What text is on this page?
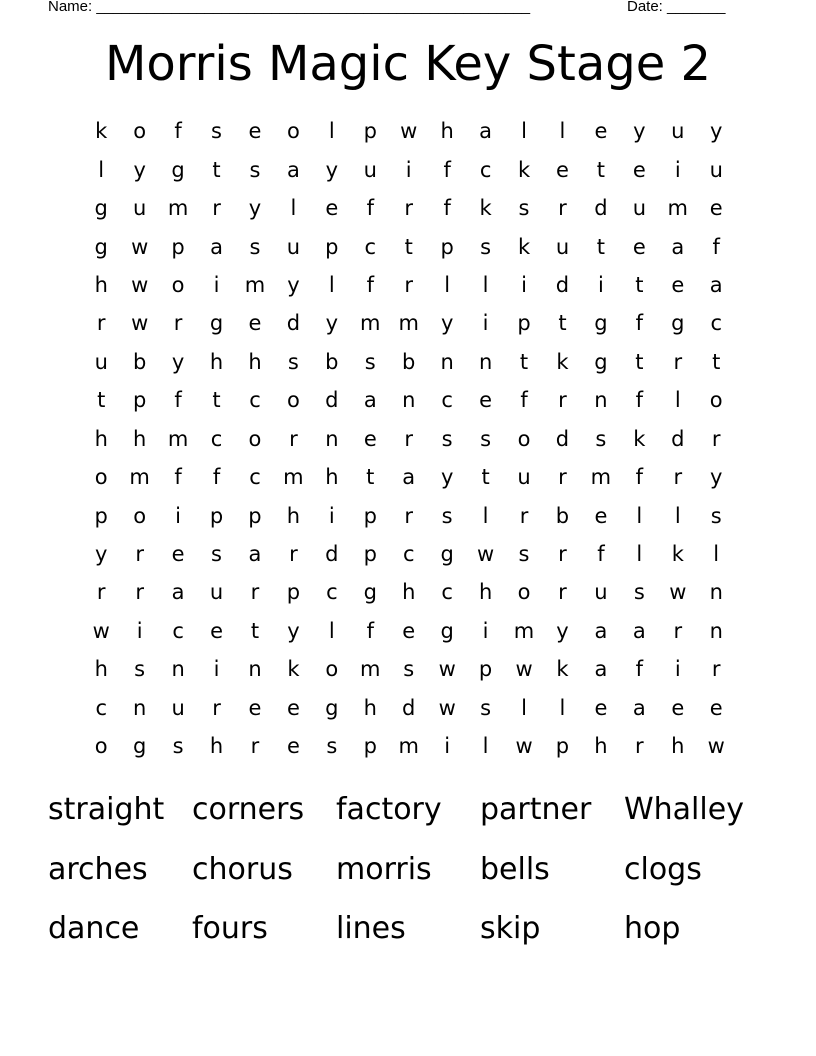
Name: ____________________________________________________	Date: _______
Morris Magic Key Stage 2
k	o	f	s	e	o	l	p	w	h	a	l	l	e	y	u	y
l	y	g	t	s	a	y	u	i	f	c	k	e	t	e	i	u
g	u	m	r	y	l	e	f	r	f	k	s	r	d	u	m	e
g	w	p	a	s	u	p	c	t	p	s	k	u	t	e	a	f
h	w	o	i	m	y	l	f	r	l	l	i	d	i	t	e	a
r	w	r	g	e	d	y	m m	y	i	p	t	g	f	g	c
u	b	y	h	h	s	b	s	b	n	n	t	k	g	t	r	t
t	p	f	t	c	o	d	a	n	c	e	f	r	n	f	l	o
h	h	m	c	o	r	n	e	r	s	s	o	d	s	k	d	r
o	m	f	f	c	m	h	t	a	y	t	u	r	m	f	r	y
p	o	i	p	p	h	i	p	r	s	l	r	b	e	l	l	s
y	r	e	s	a	r	d	p	c	g	w	s	r	f	l	k	l
r	r	a	u	r	p	c	g	h	c	h	o	r	u	s	w	n
w	i	c	e	t	y	l	f	e	g	i	m	y	a	a	r	n
h	s	n	i	n	k	o	m	s	w	p	w	k	a	f	i	r
c	n	u	r	e	e	g	h	d	w	s	l	l	e	a	e	e
o	g	s	h	r	e	s	p	m	i	l	w	p	h	r	h	w
straight corners	factory	partner	Whalley
arches	chorus	morris	bells	clogs
dance	fours	lines	skip	hop
